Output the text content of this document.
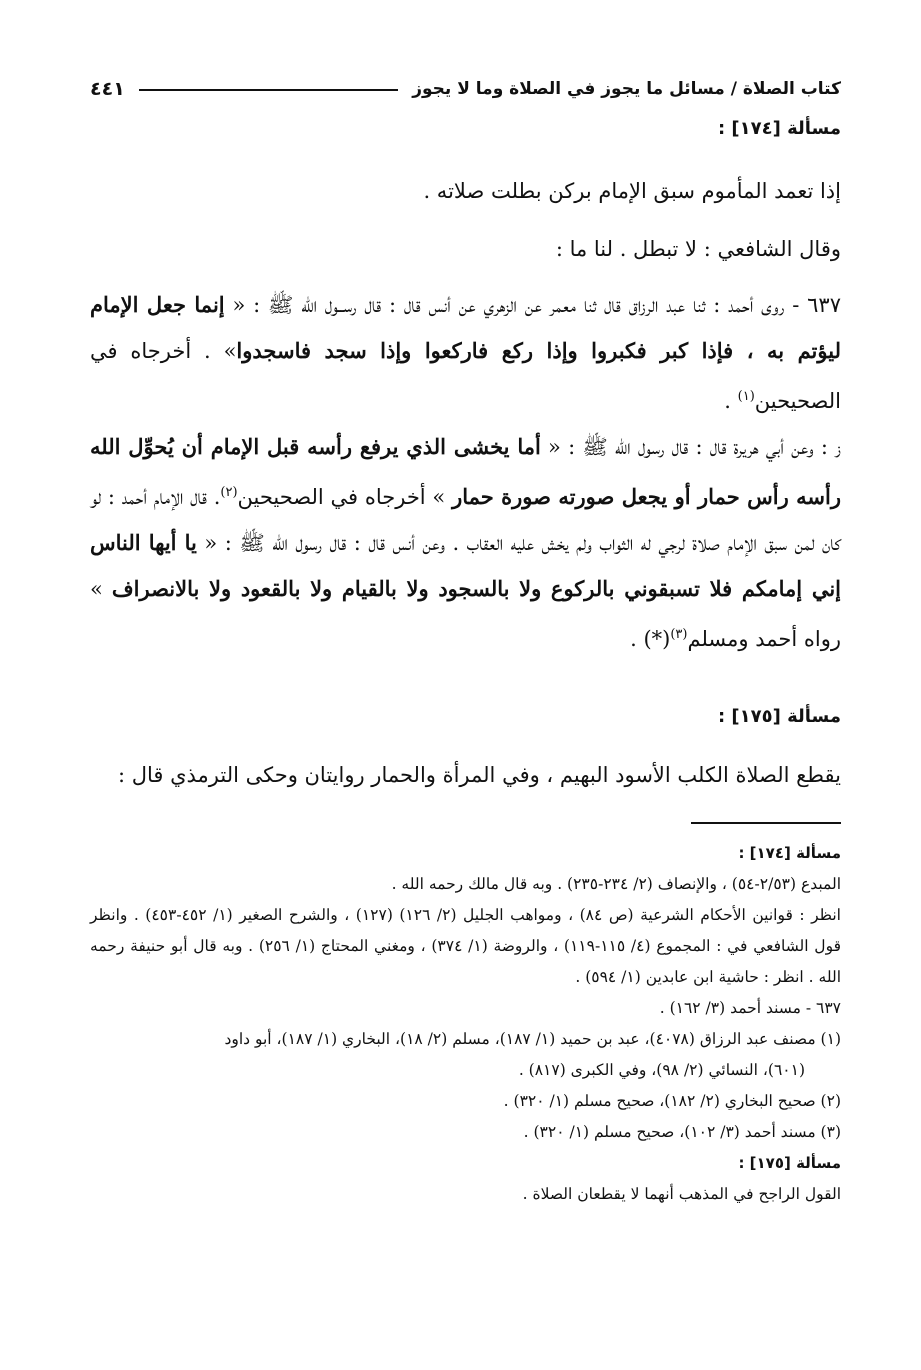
كتاب الصلاة / مسائل ما يجوز في الصلاة وما لا يجوز
٤٤١
مسألة [١٧٤] :
إذا تعمد المأموم سبق الإمام بركن بطلت صلاته .
وقال الشافعي : لا تبطل . لنا ما :
٦٣٧ - روى أحمد : ثنا عبد الرزاق قال ثنا معمر عن الزهري عن أنس قال : قال رســول الله ﷺ : « إنما جعل الإمام ليؤتم به ، فإذا كبر فكبروا وإذا ركع فاركعوا وإذا سجد فاسجدوا» . أخرجاه في الصحيحين$^{(١)}$ .
ز : وعن أبي هريرة قال : قال رسول الله ﷺ : « أما يخشى الذي يرفع رأسه قبل الإمام أن يُحوِّل الله رأسه رأس حمار أو يجعل صورته صورة حمار » أخرجاه في الصحيحين$^{(٢)}$. قال الإمام أحمد : لو كان لمن سبق الإمام صلاة لرجي له الثواب ولم يخش عليه العقاب . وعن أنس قال : قال رسول الله ﷺ : « يا أيها الناس إني إمامكم فلا تسبقوني بالركوع ولا بالسجود ولا بالقيام ولا بالقعود ولا بالانصراف » رواه أحمد ومسلم$^{(٣)}$(*) .
مسألة [١٧٥] :
يقطع الصلاة الكلب الأسود البهيم ، وفي المرأة والحمار روايتان وحكى الترمذي قال :
مسألة [١٧٤] :
المبدع (٢/٥٣-٥٤) ، والإنصاف (٢/ ٢٣٤-٢٣٥) . وبه قال مالك رحمه الله .
انظر : قوانين الأحكام الشرعية (ص ٨٤) ، ومواهب الجليل (٢/ ١٢٦) (١٢٧) ، والشرح الصغير (١/ ٤٥٢-٤٥٣) . وانظر قول الشافعي في : المجموع (٤/ ١١٥-١١٩) ، والروضة (١/ ٣٧٤) ، ومغني المحتاج (١/ ٢٥٦) . وبه قال أبو حنيفة رحمه الله . انظر : حاشية ابن عابدين (١/ ٥٩٤) .
٦٣٧ - مسند أحمد (٣/ ١٦٢) .
(١) مصنف عبد الرزاق (٤٠٧٨)، عبد بن حميد (١/ ١٨٧)، مسلم (٢/ ١٨)، البخاري (١/ ١٨٧)، أبو داود
(٦٠١)، النسائي (٢/ ٩٨)، وفي الكبرى (٨١٧) .
(٢) صحيح البخاري (٢/ ١٨٢)، صحيح مسلم (١/ ٣٢٠) .
(٣) مسند أحمد (٣/ ١٠٢)، صحيح مسلم (١/ ٣٢٠) .
مسألة [١٧٥] :
القول الراجح في المذهب أنهما لا يقطعان الصلاة .
